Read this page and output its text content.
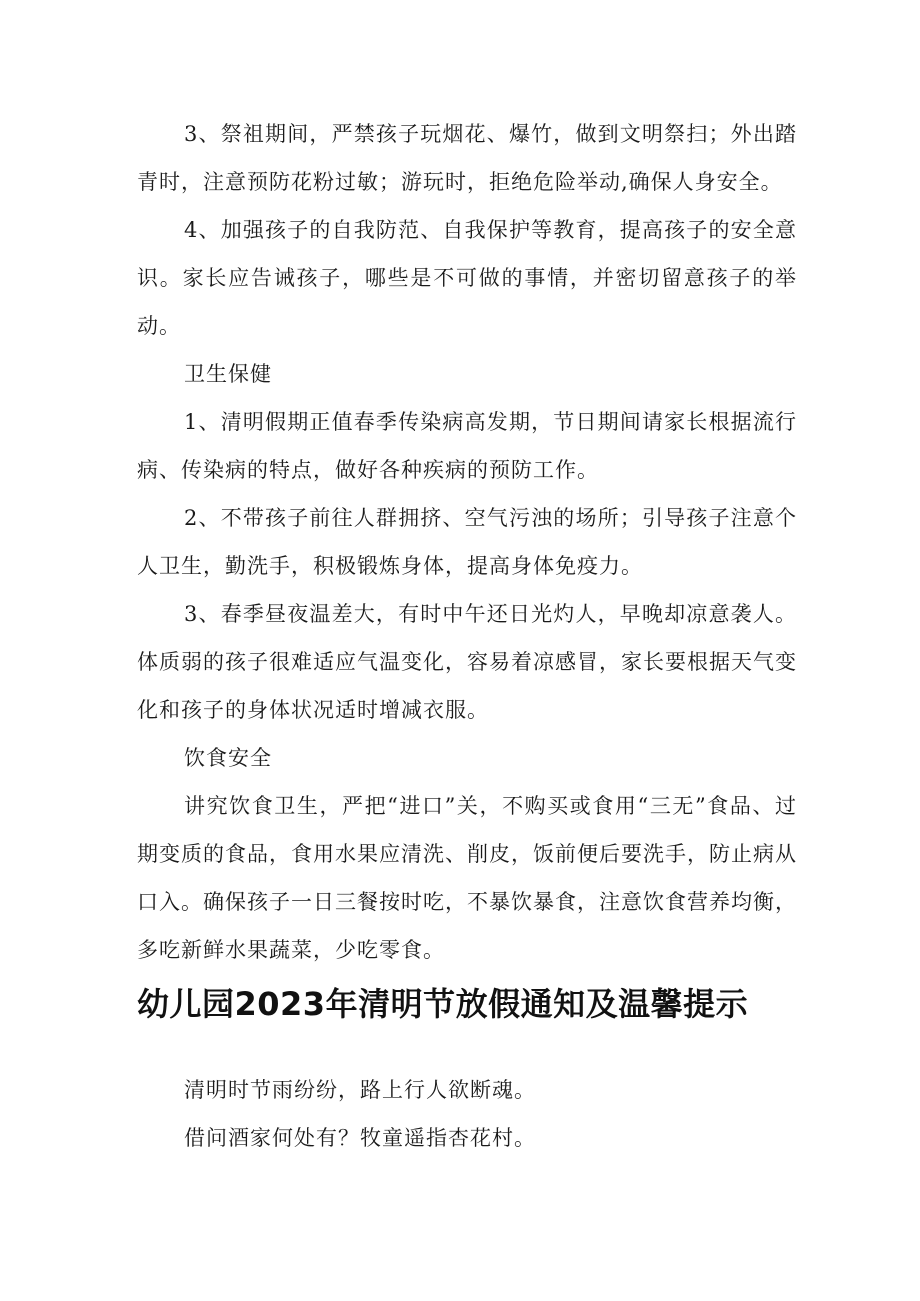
3、祭祖期间，严禁孩子玩烟花、爆竹，做到文明祭扫；外出踏青时，注意预防花粉过敏；游玩时，拒绝危险举动,确保人身安全。

4、加强孩子的自我防范、自我保护等教育，提高孩子的安全意识。家长应告诫孩子，哪些是不可做的事情，并密切留意孩子的举动。

卫生保健

1、清明假期正值春季传染病高发期，节日期间请家长根据流行病、传染病的特点，做好各种疾病的预防工作。

2、不带孩子前往人群拥挤、空气污浊的场所；引导孩子注意个人卫生，勤洗手，积极锻炼身体，提高身体免疫力。

3、春季昼夜温差大，有时中午还日光灼人，早晚却凉意袭人。体质弱的孩子很难适应气温变化，容易着凉感冒，家长要根据天气变化和孩子的身体状况适时增减衣服。

饮食安全

讲究饮食卫生，严把“进口”关，不购买或食用“三无”食品、过期变质的食品，食用水果应清洗、削皮，饭前便后要洗手，防止病从口入。确保孩子一日三餐按时吃，不暴饮暴食，注意饮食营养均衡，多吃新鲜水果蔬菜，少吃零食。

幼儿园2023年清明节放假通知及温馨提示

清明时节雨纷纷，路上行人欲断魂。

借问酒家何处有？牧童遥指杏花村。
